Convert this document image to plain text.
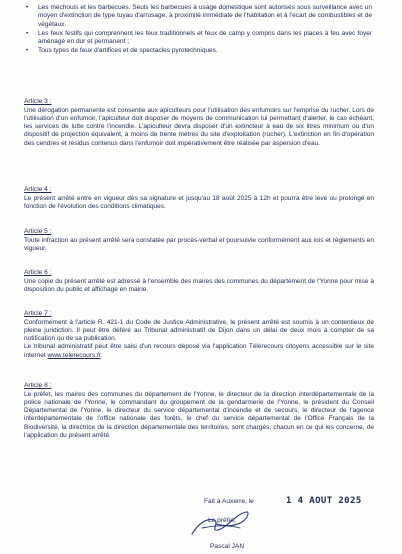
• Les méchouis et les barbecues. Seuls les barbecues à usage domestique sont autorisés sous surveillance avec un moyen d'extinction de type tuyau d'arrosage, à proximité immédiate de l'habitation et à l'écart de combustibles et de végétaux.
• Les feux festifs qui comprennent les feux traditionnels et feux de camp y compris dans les places à feu avec foyer aménagé en dur et permanent ;
• Tous types de feux d'artifices et de spectacles pyrotechniques.
Article 3 :

Une dérogation permanente est consentie aux apiculteurs pour l'utilisation des enfumoirs sur l'emprise du rucher. Lors de l'utilisation d'un enfumoir, l'apiculteur doit disposer de moyens de communication lui permettant d'alerter, le cas échéant, les services de lutte contre l'incendie. L'apiculteur devra disposer d'un extincteur à eau de six litres minimum ou d'un dispositif de projection équivalent, à moins de trente mètres du site d'exploitation (rucher). L'extinction en fin d'opération des cendres et résidus contenus dans l'enfumoir doit impérativement être réalisée par aspersion d'eau.

Article 4 :

Le présent arrêté entre en vigueur dès sa signature et jusqu'au 18 août 2025 à 12h et pourra être levé ou prolongé en fonction de l'évolution des conditions climatiques.

Article 5 :

Toute infraction au présent arrêté sera constatée par procès-verbal et poursuivie conformément aux lois et règlements en vigueur.

Article 6 :

Une copie du présent arrêté est adressé à l'ensemble des maires des communes du département de l'Yonne pour mise à disposition du public et affichage en mairie.

Article 7 :

Conformément à l'article R. 421-1 du Code de Justice Administrative, le présent arrêté est soumis à un contentieux de pleine juridiction. Il peut être déféré au Tribunal administratif de Dijon dans un délai de deux mois à compter de sa notification ou de sa publication.

Le tribunal administratif peut être saisi d'un recours déposé via l'application Télérecours citoyens accessible sur le site internet www.telerecours.fr.

Article 8 :

Le préfet, les maires des communes du département de l'Yonne, le directeur de la direction interdépartementale de la police nationale de l'Yonne, le commandant du groupement de la gendarmerie de l'Yonne, le président du Conseil Départemental de l'Yonne, le directeur du service départemental d'incendie et de secours, le directeur de l'agence interdépartementale de l'office nationale des forêts, le chef du service départemental de l'Office Français de la Biodiversité, la directrice de la direction départementale des territoires, sont chargés, chacun en ce qui les concerne, de l'application du présent arrêté.

Fait à Auxerre, le	1 4 AOUT 2025
Le préfet,
Pascal JAN
